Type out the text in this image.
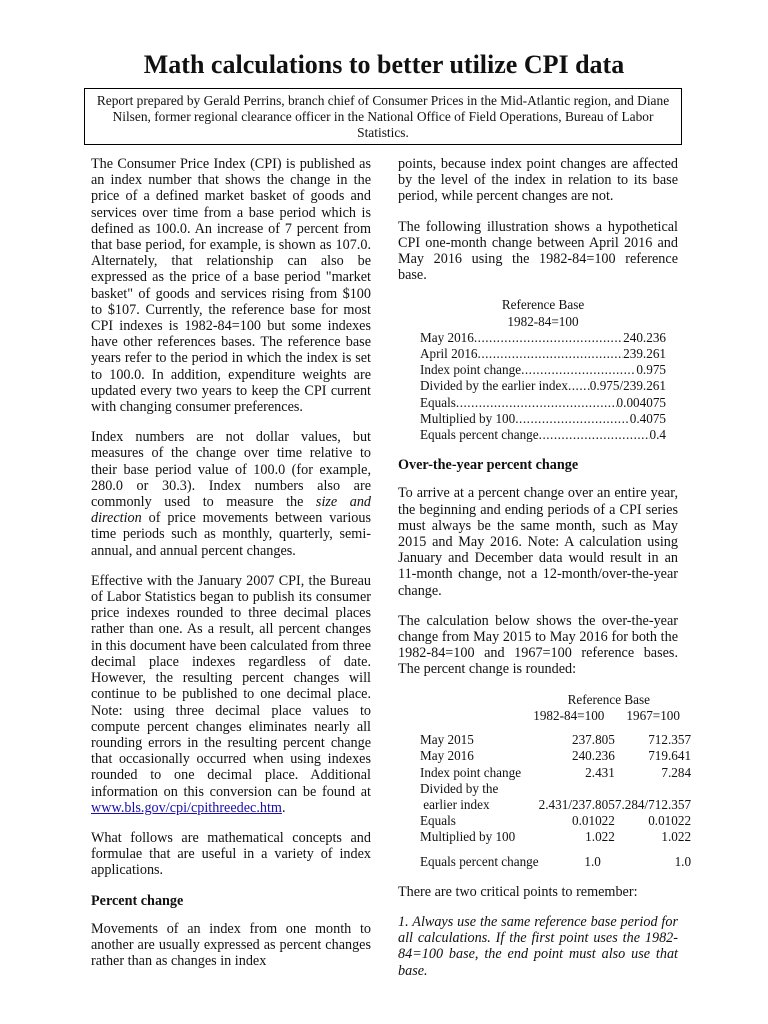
Math calculations to better utilize CPI data
Report prepared by Gerald Perrins, branch chief of Consumer Prices in the Mid-Atlantic region, and Diane Nilsen, former regional clearance officer in the National Office of Field Operations, Bureau of Labor Statistics.

The Consumer Price Index (CPI) is published as an index number that shows the change in the price of a defined market basket of goods and services over time from a base period which is defined as 100.0. An increase of 7 percent from that base period, for example, is shown as 107.0. Alternately, that relationship can also be expressed as the price of a base period "market basket" of goods and services rising from $100 to $107. Currently, the reference base for most CPI indexes is 1982-84=100 but some indexes have other references bases. The reference base years refer to the period in which the index is set to 100.0. In addition, expenditure weights are updated every two years to keep the CPI current with changing consumer preferences.

Index numbers are not dollar values, but measures of the change over time relative to their base period value of 100.0 (for example, 280.0 or 30.3). Index numbers also are commonly used to measure the size and direction of price movements between various time periods such as monthly, quarterly, semi-annual, and annual percent changes.

Effective with the January 2007 CPI, the Bureau of Labor Statistics began to publish its consumer price indexes rounded to three decimal places rather than one. As a result, all percent changes in this document have been calculated from three decimal place indexes regardless of date. However, the resulting percent changes will continue to be published to one decimal place. Note: using three decimal place values to compute percent changes eliminates nearly all rounding errors in the resulting percent change that occasionally occurred when using indexes rounded to one decimal place. Additional information on this conversion can be found at www.bls.gov/cpi/cpithreedec.htm.

What follows are mathematical concepts and formulae that are useful in a variety of index applications.

Percent change

Movements of an index from one month to another are usually expressed as percent changes rather than as changes in index

points, because index point changes are affected by the level of the index in relation to its base period, while percent changes are not.

The following illustration shows a hypothetical CPI one-month change between April 2016 and May 2016 using the 1982-84=100 reference base.

Reference Base
1982-84=100
May 2016 .....	240.236
April 2016 .....	239.261
Index point change .....	0.975
Divided by the earlier index ..... 0.975/239.261
Equals .....	0.004075
Multiplied by 100 .....	0.4075
Equals percent change .....	0.4
Over-the-year percent change

To arrive at a percent change over an entire year, the beginning and ending periods of a CPI series must always be the same month, such as May 2015 and May 2016. Note: A calculation using January and December data would result in an 11-month change, not a 12-month/over-the-year change.

The calculation below shows the over-the-year change from May 2015 to May 2016 for both the 1982-84=100 and 1967=100 reference bases. The percent change is rounded:

Reference Base
1982-84=100 1967=100
May 2015	237.805	712.357
May 2016	240.236	719.641
Index point change	2.431	7.284
Divided by the		
earlier index	2.431/237.805	7.284/712.357
Equals	0.01022	0.01022
Multiplied by 100	1.022	1.022
Equals percent change	1.0	1.0

There are two critical points to remember:

1. Always use the same reference base period for all calculations. If the first point uses the 1982-84=100 base, the end point must also use that base.
